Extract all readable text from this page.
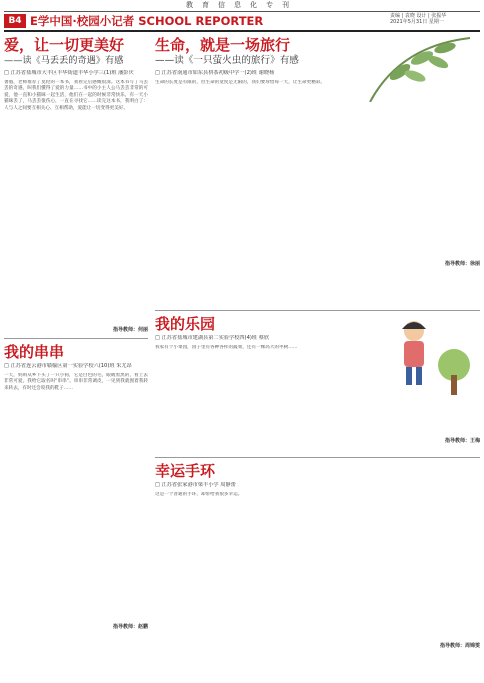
教育信息化专刊
B4 E学中国·校园小记者 SCHOOL REPORTER	责编 | 袁晓 设计 | 张振华
2021年5月31日 星期一

爱，让一切更美好

——读《马丢丢的奇遇》有感

□ 江苏省盐城市大丰区丰华街道丰华小学三(1)班 潘彭庆

暑假，老师推荐了莫伦的一本书，我看完后感慨很深。这本书写了马丢丢的奇遇，叫我们懂得了爱的力量……书中的小主人公马丢丢非常的可爱，他一直和小猫咪一起生活，他们在一起的时候非常快乐，有一天小猫咪丢了，马丢丢很伤心，一直在寻找它……读完这本书，我明白了：人与人之间要互相关心、互相帮助，爱能让一切变得更美好。

指导教师：何丽

我的串串

□ 江苏省连云港市赣榆区第一实验学校六(10)班 朱尤昂

一天，妈妈从乡下买了一只小狗，它是白色的毛，眼睛黑黑的，看上去非常可爱，我给它取名叫“串串”。串串非常调皮，一见到我就围着我转来转去，有时还会咬我的鞋子……

指导教师：赵鹏

生命，就是一场旅行

——读《一只萤火虫的旅行》有感

□ 江苏省南通市如东县栟茶初级中学一(2)班 谢晓杨

生命的长度是有限的，但生命的宽度是无限的，我们要珍惜每一天，让生命更精彩。

指导教师：徐丽

我的乐园

□ 江苏省盐城市建湖县第二实验学校四(4)班 蔡欣

我家有个小菜园，园子里有各种各样的蔬菜，还有一棵高大的枣树……

指导教师：王梅

幸运手环

□ 江苏省张家港市梁丰小学 周静蕾

这是一个普通的手环，却带给我很多幸运。

指导教师：周锦雯
